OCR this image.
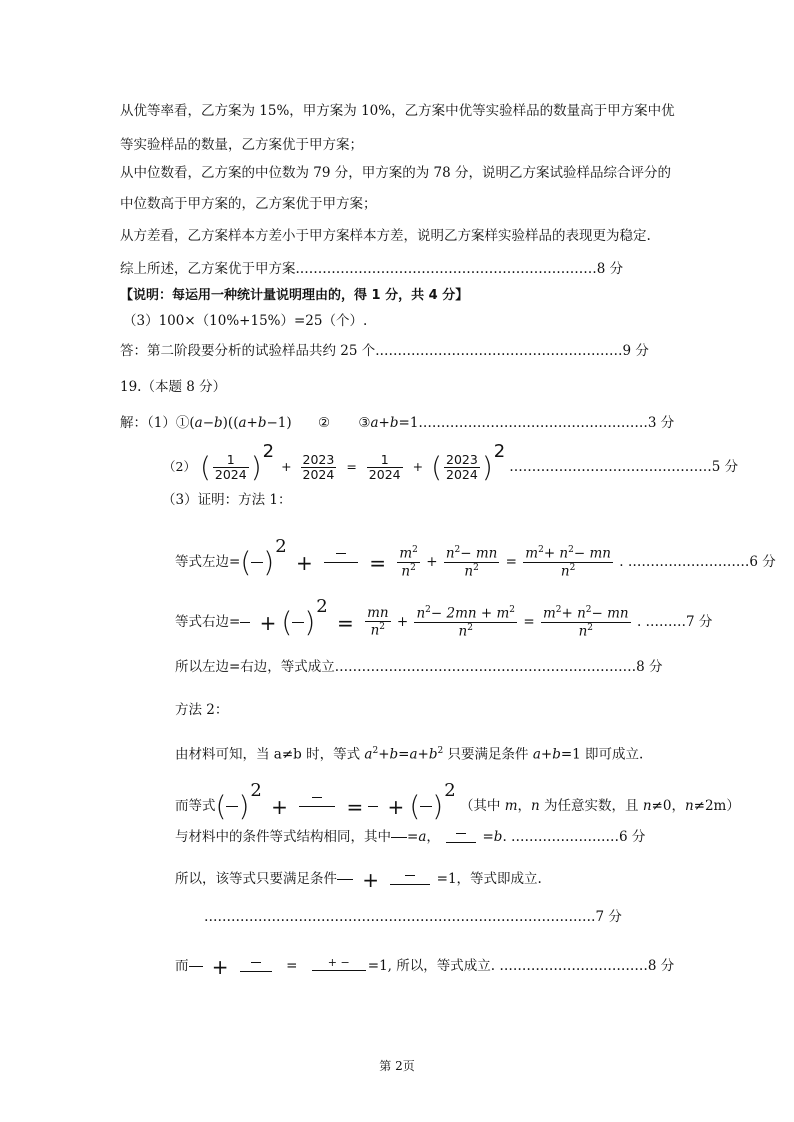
从优等率看，乙方案为 15%，甲方案为 10%，乙方案中优等实验样品的数量高于甲方案中优
等实验样品的数量，乙方案优于甲方案；
从中位数看，乙方案的中位数为 79 分，甲方案的为 78 分，说明乙方案试验样品综合评分的
中位数高于甲方案的，乙方案优于甲方案；
从方差看，乙方案样本方差小于甲方案样本方差，说明乙方案样实验样品的表现更为稳定.
综上所述，乙方案优于甲方案.…………………………………………………………8 分
【说明：每运用一种统计量说明理由的，得 1 分，共 4 分】
（3）100×（10%+15%）=25（个）.
答：第二阶段要分析的试验样品共约 25 个.………………………………………………9 分
19.（本题 8 分）
解：（1）①(a−b)((a+b−1) ② ③a+b=1……………………………………………3 分
（2） ( $\frac{1}{2024} )2 + \frac{2023}{2024} = \frac{1}{2024}$ + ( $\frac{2023}{2024} )2$ ………………………………………5 分
（3）证明：方法 1：
等式左边=( )2 +
	= $\frac{m^2}{n^2} + \frac{n^2- mn}{n^2} = \frac{m^2+ n^2- mn}{n^2}$ . ………………………6 分
等式右边= + ( )$2 = \frac{mn}{n^2} + \frac{n^2- 2mn + m^2}{n^2} = \frac{m^2+ n^2- mn}{n^2}$ . ………7 分
所以左边=右边，等式成立.…………………………………………………………8 分
方法 2：
由材料可知，当 a≠b 时，等式 $a^2+b=a+b^2$ 只要满足条件 a+b=1 即可成立.
而等式( )2 +
	= + ( )2 （其中 m，n 为任意实数，且 n≠0，n≠2m）
与材料中的条件等式结构相同，其中 =a，	=b. ……………………6 分
所以，该等式只要满足条件 +	=1，等式即成立.
……………………………………………………………………………7 分
而 +	=	+ −	=1, 所以，等式成立. ……………………………8 分
第 2页
